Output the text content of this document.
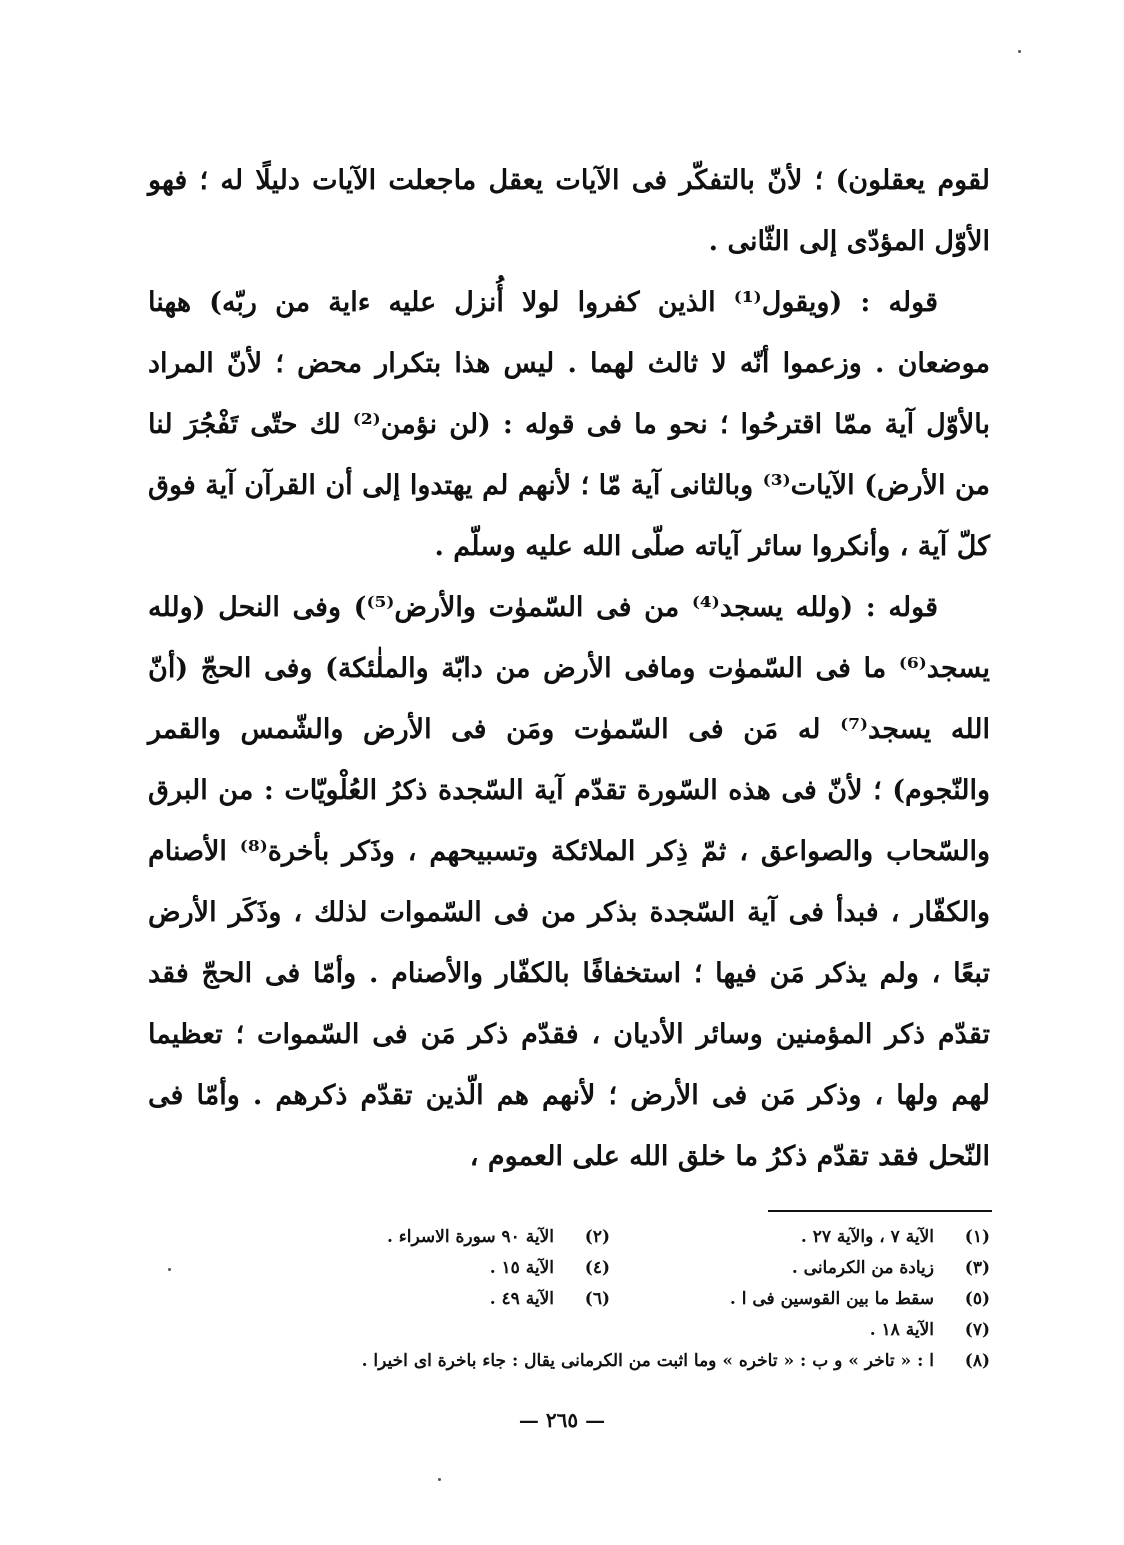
لقوم يعقلون) ؛ لأنّ بالتفكّر فى الآيات يعقل ماجعلت الآيات دليلًا له ؛ فهو الأوّل المؤدّى إلى الثّانى .

قوله : (ويقول⁽¹⁾ الذين كفروا لولا أُنزل عليه ءاية من ربّه) ههنا موضعان . وزعموا أنّه لا ثالث لهما . ليس هذا بتكرار محض ؛ لأنّ المراد بالأوّل آية ممّا اقترحُوا ؛ نحو ما فى قوله : (لن نؤمن⁽²⁾ لك حتّى تَفْجُرَ لنا من الأرض) الآيات⁽³⁾ وبالثانى آية مّا ؛ لأنهم لم يهتدوا إلى أن القرآن آية فوق كلّ آية ، وأنكروا سائر آياته صلّى الله عليه وسلّم .

قوله : (ولله يسجد⁽⁴⁾ من فى السّموٰت والأرض⁽⁵⁾) وفى النحل (ولله يسجد⁽⁶⁾ ما فى السّموٰت ومافى الأرض من دابّة والملٰئكة) وفى الحجّ (أنّ الله يسجد⁽⁷⁾ له مَن فى السّموٰت ومَن فى الأرض والشّمس والقمر والنّجوم) ؛ لأنّ فى هذه السّورة تقدّم آية السّجدة ذكرُ العُلْويّات : من البرق والسّحاب والصواعق ، ثمّ ذِكر الملائكة وتسبيحهم ، وذَكر بأخرة⁽⁸⁾ الأصنام والكفّار ، فبدأ فى آية السّجدة بذكر من فى السّموات لذلك ، وذَكَر الأرض تبعًا ، ولم يذكر مَن فيها ؛ استخفافًا بالكفّار والأصنام . وأمّا فى الحجّ فقد تقدّم ذكر المؤمنين وسائر الأديان ، فقدّم ذكر مَن فى السّموات ؛ تعظيما لهم ولها ، وذكر مَن فى الأرض ؛ لأنهم هم الّذين تقدّم ذكرهم . وأمّا فى النّحل فقد تقدّم ذكرُ ما خلق الله على العموم ،

(١)
الآية ٧ ، والآية ٢٧ .
(٢)
الآية ٩٠ سورة الاسراء .
(٣)
زيادة من الكرمانى .
(٤)
الآية ١٥ .
(٥)
سقط ما بين القوسين فى ا .
(٦)
الآية ٤٩ .
(٧)
الآية ١٨ .
(٨)
ا : « تاخر » و ب : « تاخره » وما اثبت من الكرمانى يقال : جاء باخرة اى اخيرا .
— ٢٦٥ —
